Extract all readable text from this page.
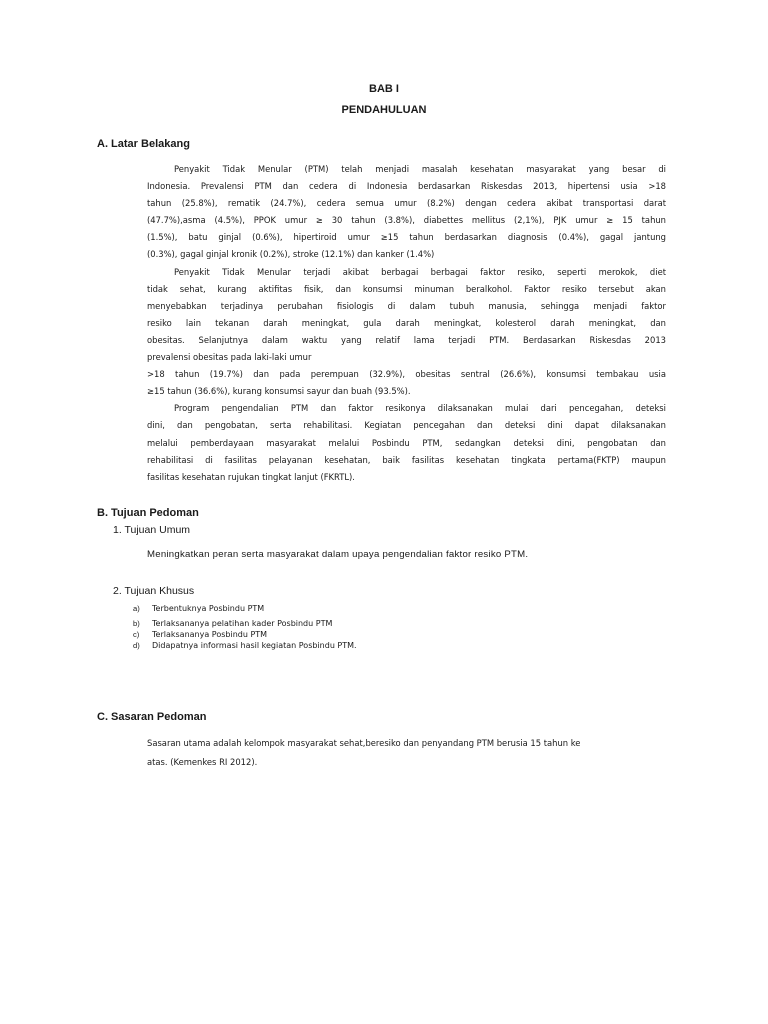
BAB I
PENDAHULUAN
A. Latar Belakang
Penyakit Tidak Menular (PTM) telah menjadi masalah kesehatan masyarakat yang besar di
Indonesia. Prevalensi PTM dan cedera di Indonesia berdasarkan Riskesdas 2013, hipertensi usia >18
tahun (25.8%), rematik (24.7%), cedera semua umur (8.2%) dengan cedera akibat transportasi darat
(47.7%),asma (4.5%), PPOK umur ≥ 30 tahun (3.8%), diabettes mellitus (2,1%), PJK umur ≥ 15 tahun
(1.5%), batu ginjal (0.6%), hipertiroid umur ≥15 tahun berdasarkan diagnosis (0.4%), gagal jantung
(0.3%), gagal ginjal kronik (0.2%), stroke (12.1%) dan kanker (1.4%)
Penyakit Tidak Menular terjadi akibat berbagai berbagai faktor resiko, seperti merokok, diet
tidak sehat, kurang aktifitas fisik, dan konsumsi minuman beralkohol. Faktor resiko tersebut akan
menyebabkan terjadinya perubahan fisiologis di dalam tubuh manusia, sehingga menjadi faktor
resiko lain tekanan darah meningkat, gula darah meningkat, kolesterol darah meningkat, dan
obesitas. Selanjutnya dalam waktu yang relatif lama terjadi PTM. Berdasarkan Riskesdas 2013
prevalensi obesitas pada laki-laki umur
>18 tahun (19.7%) dan pada perempuan (32.9%), obesitas sentral (26.6%), konsumsi tembakau usia
≥15 tahun (36.6%), kurang konsumsi sayur dan buah (93.5%).
Program pengendalian PTM dan faktor resikonya dilaksanakan mulai dari pencegahan, deteksi
dini, dan pengobatan, serta rehabilitasi. Kegiatan pencegahan dan deteksi dini dapat dilaksanakan
melalui pemberdayaan masyarakat melalui Posbindu PTM, sedangkan deteksi dini, pengobatan dan
rehabilitasi di fasilitas pelayanan kesehatan, baik fasilitas kesehatan tingkata pertama(FKTP) maupun
fasilitas kesehatan rujukan tingkat lanjut (FKRTL).
B. Tujuan Pedoman
1. Tujuan Umum
Meningkatkan peran serta masyarakat dalam upaya pengendalian faktor resiko PTM.
2. Tujuan Khusus
a) Terbentuknya Posbindu PTM
b) Terlaksananya pelatihan kader Posbindu PTM
c) Terlaksananya Posbindu PTM
d) Didapatnya informasi hasil kegiatan Posbindu PTM.
C. Sasaran Pedoman
Sasaran utama adalah kelompok masyarakat sehat,beresiko dan penyandang PTM berusia 15 tahun ke
atas. (Kemenkes RI 2012).
